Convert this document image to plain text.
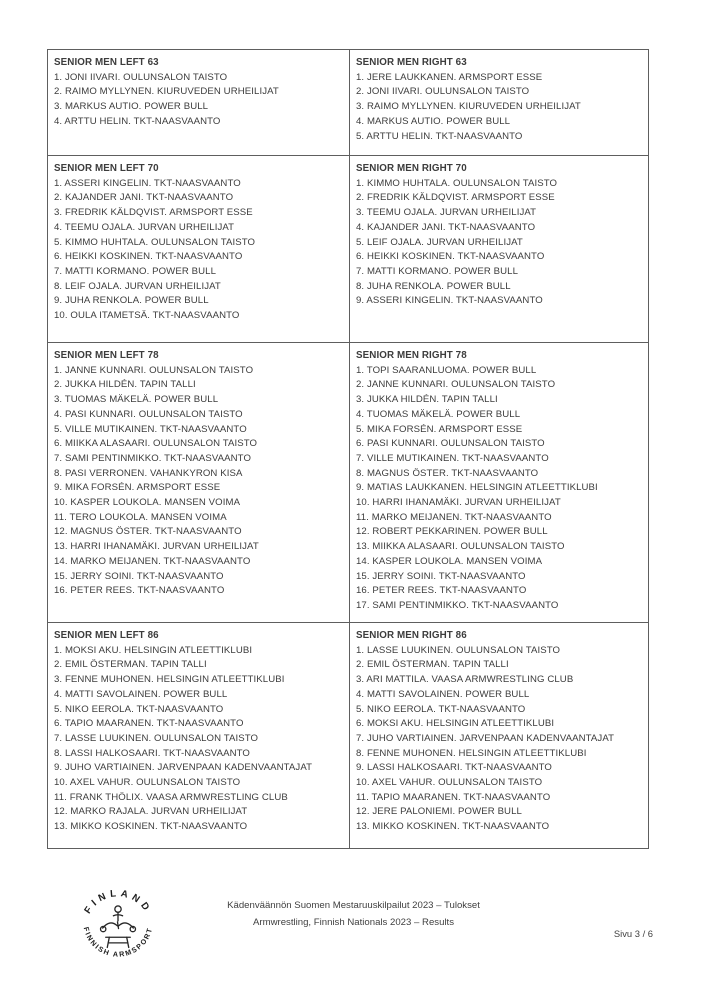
SENIOR MEN LEFT 63
1. JONI IIVARI. OULUNSALON TAISTO
2. RAIMO MYLLYNEN. KIURUVEDEN URHEILIJAT
3. MARKUS AUTIO. POWER BULL
4. ARTTU HELIN. TKT-NAASVAANTO
SENIOR MEN RIGHT 63
1. JERE LAUKKANEN. ARMSPORT ESSE
2. JONI IIVARI. OULUNSALON TAISTO
3. RAIMO MYLLYNEN. KIURUVEDEN URHEILIJAT
4. MARKUS AUTIO. POWER BULL
5. ARTTU HELIN. TKT-NAASVAANTO
SENIOR MEN LEFT 70
1. ASSERI KINGELIN. TKT-NAASVAANTO
2. KAJANDER JANI. TKT-NAASVAANTO
3. FREDRIK KÄLDQVIST. ARMSPORT ESSE
4. TEEMU OJALA. JURVAN URHEILIJAT
5. KIMMO HUHTALA. OULUNSALON TAISTO
6. HEIKKI KOSKINEN. TKT-NAASVAANTO
7. MATTI KORMANO. POWER BULL
8. LEIF OJALA. JURVAN URHEILIJAT
9. JUHA RENKOLA. POWER BULL
10. OULA ITAMETSÄ. TKT-NAASVAANTO
SENIOR MEN RIGHT 70
1. KIMMO HUHTALA. OULUNSALON TAISTO
2. FREDRIK KÄLDQVIST. ARMSPORT ESSE
3. TEEMU OJALA. JURVAN URHEILIJAT
4. KAJANDER JANI. TKT-NAASVAANTO
5. LEIF OJALA. JURVAN URHEILIJAT
6. HEIKKI KOSKINEN. TKT-NAASVAANTO
7. MATTI KORMANO. POWER BULL
8. JUHA RENKOLA. POWER BULL
9. ASSERI KINGELIN. TKT-NAASVAANTO
SENIOR MEN LEFT 78
1. JANNE KUNNARI. OULUNSALON TAISTO
2. JUKKA HILDÉN. TAPIN TALLI
3. TUOMAS MÄKELÄ. POWER BULL
4. PASI KUNNARI. OULUNSALON TAISTO
5. VILLE MUTIKAINEN. TKT-NAASVAANTO
6. MIIKKA ALASAARI. OULUNSALON TAISTO
7. SAMI PENTINMIKKO. TKT-NAASVAANTO
8. PASI VERRONEN. VAHANKYRON KISA
9. MIKA FORSÉN. ARMSPORT ESSE
10. KASPER LOUKOLA. MANSEN VOIMA
11. TERO LOUKOLA. MANSEN VOIMA
12. MAGNUS ÖSTER. TKT-NAASVAANTO
13. HARRI IHANAMÄKI. JURVAN URHEILIJAT
14. MARKO MEIJANEN. TKT-NAASVAANTO
15. JERRY SOINI. TKT-NAASVAANTO
16. PETER REES. TKT-NAASVAANTO
SENIOR MEN RIGHT 78
1. TOPI SAARANLUOMA. POWER BULL
2. JANNE KUNNARI. OULUNSALON TAISTO
3. JUKKA HILDÉN. TAPIN TALLI
4. TUOMAS MÄKELÄ. POWER BULL
5. MIKA FORSÉN. ARMSPORT ESSE
6. PASI KUNNARI. OULUNSALON TAISTO
7. VILLE MUTIKAINEN. TKT-NAASVAANTO
8. MAGNUS ÖSTER. TKT-NAASVAANTO
9. MATIAS LAUKKANEN. HELSINGIN ATLEETTIKLUBI
10. HARRI IHANAMÄKI. JURVAN URHEILIJAT
11. MARKO MEIJANEN. TKT-NAASVAANTO
12. ROBERT PEKKARINEN. POWER BULL
13. MIIKKA ALASAARI. OULUNSALON TAISTO
14. KASPER LOUKOLA. MANSEN VOIMA
15. JERRY SOINI. TKT-NAASVAANTO
16. PETER REES. TKT-NAASVAANTO
17. SAMI PENTINMIKKO. TKT-NAASVAANTO
SENIOR MEN LEFT 86
1. MOKSI AKU. HELSINGIN ATLEETTIKLUBI
2. EMIL ÖSTERMAN. TAPIN TALLI
3. FENNE MUHONEN. HELSINGIN ATLEETTIKLUBI
4. MATTI SAVOLAINEN. POWER BULL
5. NIKO EEROLA. TKT-NAASVAANTO
6. TAPIO MAARANEN. TKT-NAASVAANTO
7. LASSE LUUKINEN. OULUNSALON TAISTO
8. LASSI HALKOSAARI. TKT-NAASVAANTO
9. JUHO VARTIAINEN. JARVENPAAN KADENVAANTAJAT
10. AXEL VAHUR. OULUNSALON TAISTO
11. FRANK THÖLIX. VAASA ARMWRESTLING CLUB
12. MARKO RAJALA. JURVAN URHEILIJAT
13. MIKKO KOSKINEN. TKT-NAASVAANTO
SENIOR MEN RIGHT 86
1. LASSE LUUKINEN. OULUNSALON TAISTO
2. EMIL ÖSTERMAN. TAPIN TALLI
3. ARI MATTILA. VAASA ARMWRESTLING CLUB
4. MATTI SAVOLAINEN. POWER BULL
5. NIKO EEROLA. TKT-NAASVAANTO
6. MOKSI AKU. HELSINGIN ATLEETTIKLUBI
7. JUHO VARTIAINEN. JARVENPAAN KADENVAANTAJAT
8. FENNE MUHONEN. HELSINGIN ATLEETTIKLUBI
9. LASSI HALKOSAARI. TKT-NAASVAANTO
10. AXEL VAHUR. OULUNSALON TAISTO
11. TAPIO MAARANEN. TKT-NAASVAANTO
12. JERE PALONIEMI. POWER BULL
13. MIKKO KOSKINEN. TKT-NAASVAANTO
FINLAND
FINNISH ARMSPORT
Kädenväännön Suomen Mestaruuskilpailut 2023 – Tulokset
Armwrestling, Finnish Nationals 2023 – Results
Sivu 3 / 6
